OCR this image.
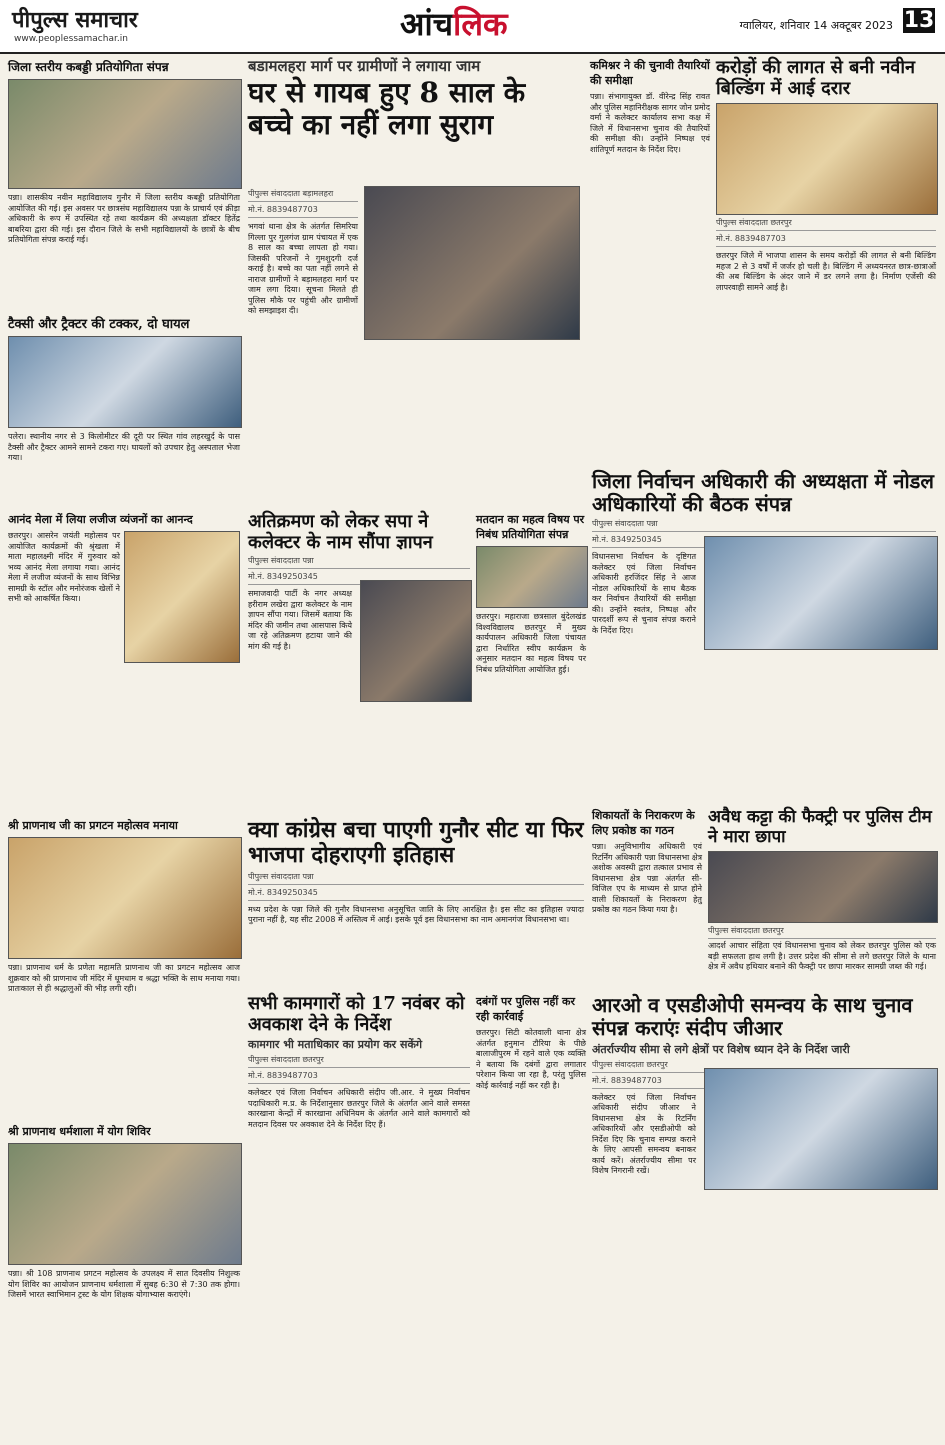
पीपुल्स समाचार
www.peoplessamachar.in	आंचलिक	ग्वालियर, शनिवार 14 अक्टूबर 2023 13
जिला स्तरीय कबड्डी प्रतियोगिता संपन्न
पन्ना। शासकीय नवीन महाविद्यालय गुनौर में जिला स्तरीय कबड्डी प्रतियोगिता आयोजित की गई। इस अवसर पर छात्रसंघ महाविद्यालय पन्ना के प्राचार्य एवं क्रीड़ा अधिकारी के रूप में उपस्थित रहे तथा कार्यक्रम की अध्यक्षता डॉक्टर हितेंद्र बाबरिया द्वारा की गई। इस दौरान जिले के सभी महाविद्यालयों के छात्रों के बीच प्रतियोगिता संपन्न कराई गई।
बडामलहरा मार्ग पर ग्रामीणों ने लगाया जाम
घर से गायब हुए 8 साल के बच्चे का नहीं लगा सुराग
पीपुल्स संवाददाता बड़ामलहरा
मो.नं. 8839487703
भगवां थाना क्षेत्र के अंतर्गत सिमरिया गिल्ला पुर गुलगंज ग्राम पंचायत में एक 8 साल का बच्चा लापता हो गया। जिसकी परिजनों ने गुमशुदगी दर्ज कराई है। बच्चे का पता नहीं लगने से नाराज ग्रामीणों ने बड़ामलहरा मार्ग पर जाम लगा दिया। सूचना मिलते ही पुलिस मौके पर पहुंची और ग्रामीणों को समझाइश दी।
कमिश्नर ने की चुनावी तैयारियों की समीक्षा
पन्ना। संभागायुक्त डॉ. वीरेन्द्र सिंह रावत और पुलिस महानिरीक्षक सागर जोन प्रमोद वर्मा ने कलेक्टर कार्यालय सभा कक्ष में जिले में विधानसभा चुनाव की तैयारियों की समीक्षा की। उन्होंने निष्पक्ष एवं शांतिपूर्ण मतदान के निर्देश दिए।
करोड़ों की लागत से बनी नवीन बिल्डिंग में आई दरार
पीपुल्स संवाददाता छतरपुर
मो.नं. 8839487703
छतरपुर जिले में भाजपा शासन के समय करोड़ों की लागत से बनी बिल्डिंग महज 2 से 3 वर्षों में जर्जर हो चली है। बिल्डिंग में अध्ययनरत छात्र-छात्राओं की अब बिल्डिंग के अंदर जाने में डर लगने लगा है। निर्माण एजेंसी की लापरवाही सामने आई है।
टैक्सी और ट्रैक्टर की टक्कर, दो घायल
पलेरा। स्थानीय नगर से 3 किलोमीटर की दूरी पर स्थित गांव लहरखुर्द के पास टैक्सी और ट्रैक्टर आमने सामने टकरा गए। घायलों को उपचार हेतु अस्पताल भेजा गया।
अतिक्रमण को लेकर सपा ने कलेक्टर के नाम सौंपा ज्ञापन
पीपुल्स संवाददाता पन्ना
मो.नं. 8349250345
समाजवादी पार्टी के नगर अध्यक्ष हरीराम लखेरा द्वारा कलेक्टर के नाम ज्ञापन सौंपा गया। जिसमें बताया कि मंदिर की जमीन तथा आसपास किये जा रहे अतिक्रमण हटाया जाने की मांग की गई है।
मतदान का महत्व विषय पर निबंध प्रतियोगिता संपन्न
छतरपुर। महाराजा छत्रसाल बुंदेलखंड विश्वविद्यालय छतरपुर में मुख्य कार्यपालन अधिकारी जिला पंचायत द्वारा निर्धारित स्वीप कार्यक्रम के अनुसार मतदान का महत्व विषय पर निबंध प्रतियोगिता आयोजित हुई।
जिला निर्वाचन अधिकारी की अध्यक्षता में नोडल अधिकारियों की बैठक संपन्न
पीपुल्स संवाददाता पन्ना
मो.नं. 8349250345
विधानसभा निर्वाचन के दृष्टिगत कलेक्टर एवं जिला निर्वाचन अधिकारी हरजिंदर सिंह ने आज नोडल अधिकारियों के साथ बैठक कर निर्वाचन तैयारियों की समीक्षा की। उन्होंने स्वतंत्र, निष्पक्ष और पारदर्शी रूप से चुनाव संपन्न कराने के निर्देश दिए।
आनंद मेला में लिया लजीज व्यंजनों का आनन्द
छतरपुर। आसरेन जयंती महोत्सव पर आयोजित कार्यक्रमों की श्रृंखला में माता महालक्ष्मी मंदिर में गुरुवार को भव्य आनंद मेला लगाया गया। आनंद मेला में लजीज व्यंजनों के साथ विभिन्न सामग्री के स्टॉल और मनोरंजक खेलों ने सभी को आकर्षित किया।
क्या कांग्रेस बचा पाएगी गुनौर सीट या फिर भाजपा दोहराएगी इतिहास
पीपुल्स संवाददाता पन्ना
मो.नं. 8349250345
मध्य प्रदेश के पन्ना जिले की गुनौर विधानसभा अनुसूचित जाति के लिए आरक्षित है। इस सीट का इतिहास ज्यादा पुराना नहीं है, यह सीट 2008 में अस्तित्व में आई। इसके पूर्व इस विधानसभा का नाम अमानगंज विधानसभा था।
शिकायतों के निराकरण के लिए प्रकोष्ठ का गठन
पन्ना। अनुविभागीय अधिकारी एवं रिटर्निंग अधिकारी पन्ना विधानसभा क्षेत्र अशोक अवस्थी द्वारा तत्काल प्रभाव से विधानसभा क्षेत्र पन्ना अंतर्गत सी-विजिल एप के माध्यम से प्राप्त होने वाली शिकायतों के निराकरण हेतु प्रकोष्ठ का गठन किया गया है।
अवैध कट्टा की फैक्ट्री पर पुलिस टीम ने मारा छापा
पीपुल्स संवाददाता छतरपुर
आदर्श आचार संहिता एवं विधानसभा चुनाव को लेकर छतरपुर पुलिस को एक बड़ी सफलता हाथ लगी है। उत्तर प्रदेश की सीमा से लगे छतरपुर जिले के थाना क्षेत्र में अवैध हथियार बनाने की फैक्ट्री पर छापा मारकर सामग्री जब्त की गई।
श्री प्राणनाथ जी का प्रगटन महोत्सव मनाया
पन्ना। प्राणनाथ धर्म के प्रणेता महामति प्राणनाथ जी का प्रगटन महोत्सव आज शुक्रवार को श्री प्राणनाथ जी मंदिर में धूमधाम व श्रद्धा भक्ति के साथ मनाया गया। प्रातःकाल से ही श्रद्धालुओं की भीड़ लगी रही।
सभी कामगारों को 17 नवंबर को अवकाश देने के निर्देश
कामगार भी मताधिकार का प्रयोग कर सकेंगे
पीपुल्स संवाददाता छतरपुर
मो.नं. 8839487703
कलेक्टर एवं जिला निर्वाचन अधिकारी संदीप जी.आर. ने मुख्य निर्वाचन पदाधिकारी म.प्र. के निर्देशानुसार छतरपुर जिले के अंतर्गत आने वाले समस्त कारखाना केन्द्रों में कारखाना अधिनियम के अंतर्गत आने वाले कामगारों को मतदान दिवस पर अवकाश देने के निर्देश दिए हैं।
दबंगों पर पुलिस नहीं कर रही कार्रवाई
छतरपुर। सिटी कोतवाली थाना क्षेत्र अंतर्गत हनुमान टौरिया के पीछे बालाजीपुरम में रहने वाले एक व्यक्ति ने बताया कि दबंगों द्वारा लगातार परेशान किया जा रहा है, परंतु पुलिस कोई कार्रवाई नहीं कर रही है।
आरओ व एसडीओपी समन्वय के साथ चुनाव संपन्न कराएंः संदीप जीआर
अंतर्राज्यीय सीमा से लगे क्षेत्रों पर विशेष ध्यान देने के निर्देश जारी
पीपुल्स संवाददाता छतरपुर
मो.नं. 8839487703
कलेक्टर एवं जिला निर्वाचन अधिकारी संदीप जीआर ने विधानसभा क्षेत्र के रिटर्निंग अधिकारियों और एसडीओपी को निर्देश दिए कि चुनाव सम्पन्न कराने के लिए आपसी समन्वय बनाकर कार्य करें। अंतर्राज्यीय सीमा पर विशेष निगरानी रखें।
श्री प्राणनाथ धर्मशाला में योग शिविर
पन्ना। श्री 108 प्राणनाथ प्रगटन महोत्सव के उपलक्ष्य में सात दिवसीय निशुल्क योग शिविर का आयोजन प्राणनाथ धर्मशाला में सुबह 6:30 से 7:30 तक होगा। जिसमें भारत स्वाभिमान ट्रस्ट के योग शिक्षक योगाभ्यास कराएंगे।
